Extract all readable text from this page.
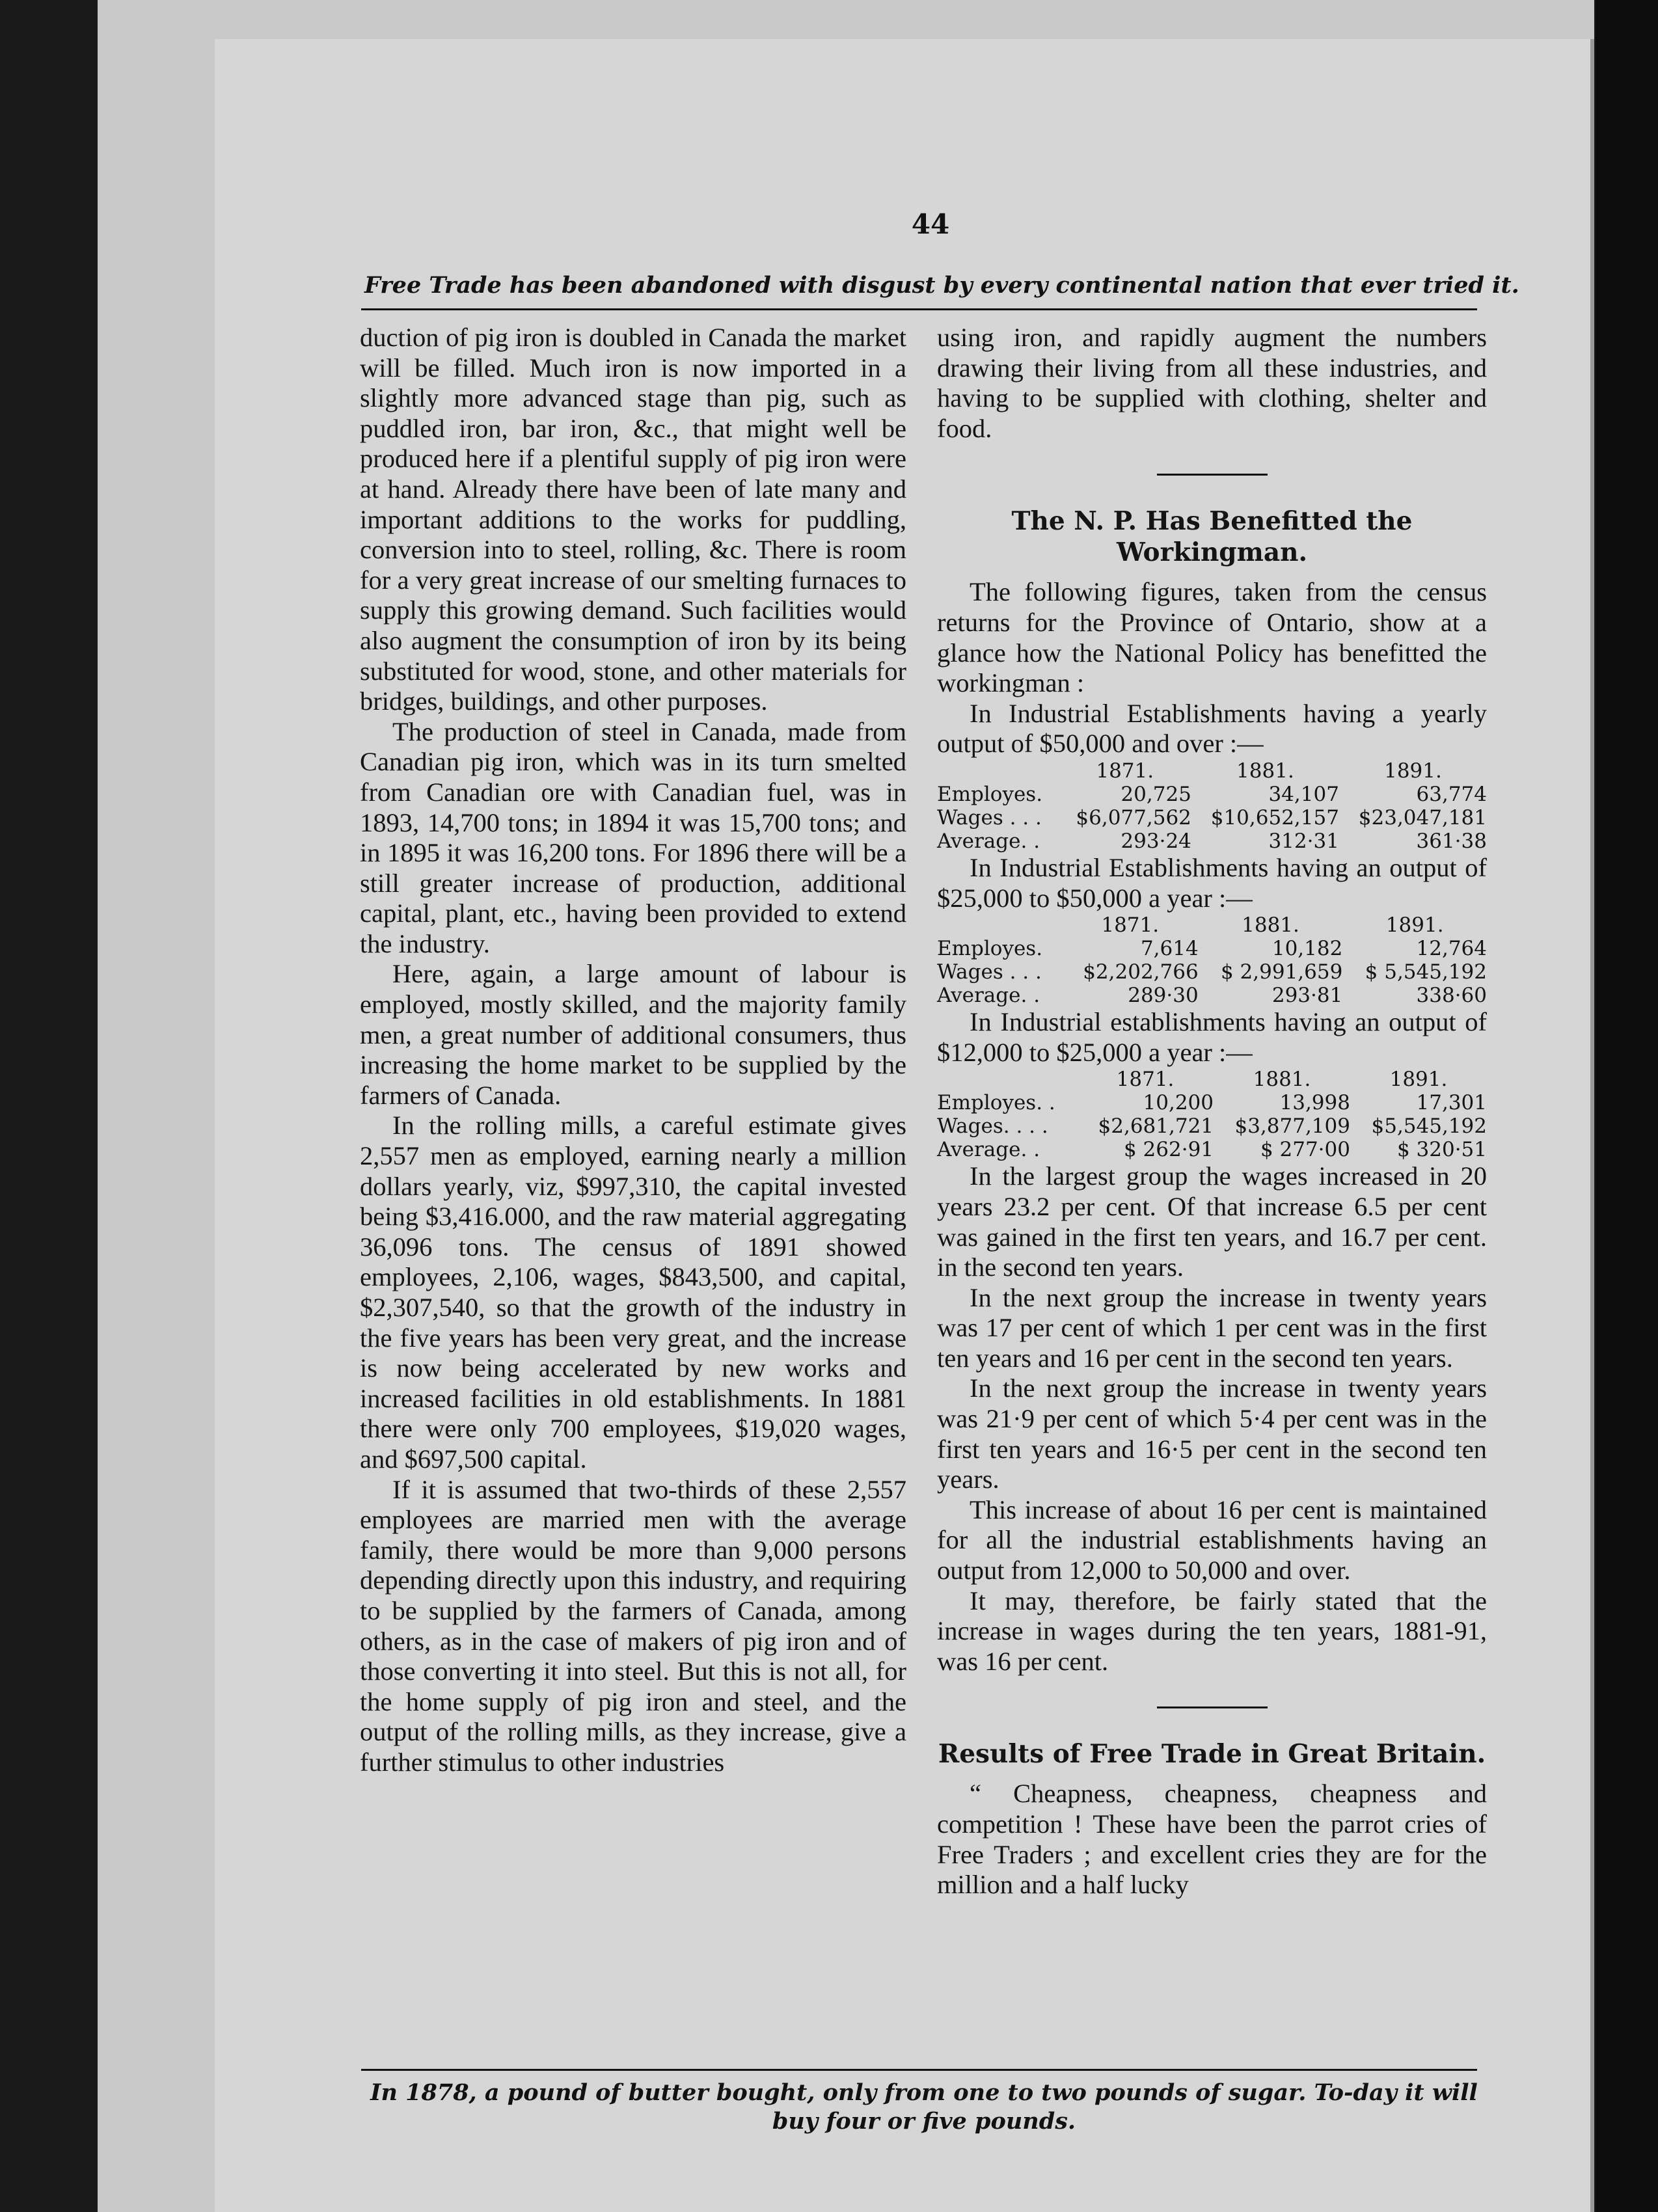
44
Free Trade has been abandoned with disgust by every continental nation that ever tried it.

duction of pig iron is doubled in Canada the market will be filled. Much iron is now imported in a slightly more advanced stage than pig, such as puddled iron, bar iron, &c., that might well be produced here if a plentiful supply of pig iron were at hand. Already there have been of late many and important additions to the works for puddling, conversion into to steel, rolling, &c. There is room for a very great increase of our smelting furnaces to supply this growing demand. Such facilities would also augment the consumption of iron by its being substituted for wood, stone, and other materials for bridges, buildings, and other purposes.

The production of steel in Canada, made from Canadian pig iron, which was in its turn smelted from Canadian ore with Canadian fuel, was in 1893, 14,700 tons; in 1894 it was 15,700 tons; and in 1895 it was 16,200 tons. For 1896 there will be a still greater increase of production, additional capital, plant, etc., having been provided to extend the industry.

Here, again, a large amount of labour is employed, mostly skilled, and the majority family men, a great number of additional consumers, thus increasing the home market to be supplied by the farmers of Canada.

In the rolling mills, a careful estimate gives 2,557 men as employed, earning nearly a million dollars yearly, viz, $997,310, the capital invested being $3,416.000, and the raw material aggregating 36,096 tons. The census of 1891 showed employees, 2,106, wages, $843,500, and capital, $2,307,540, so that the growth of the industry in the five years has been very great, and the increase is now being accelerated by new works and increased facilities in old establishments. In 1881 there were only 700 employees, $19,020 wages, and $697,500 capital.

If it is assumed that two-thirds of these 2,557 employees are married men with the average family, there would be more than 9,000 persons depending directly upon this industry, and requiring to be supplied by the farmers of Canada, among others, as in the case of makers of pig iron and of those converting it into steel. But this is not all, for the home supply of pig iron and steel, and the output of the rolling mills, as they increase, give a further stimulus to other industries

using iron, and rapidly augment the numbers drawing their living from all these industries, and having to be supplied with clothing, shelter and food.

The N. P. Has Benefitted the Workingman.

The following figures, taken from the census returns for the Province of Ontario, show at a glance how the National Policy has benefitted the workingman :

In Industrial Establishments having a yearly output of $50,000 and over :—

	1871.	1881.	1891.
Employes.	20,725	34,107	63,774
Wages . . .	$6,077,562	$10,652,157	$23,047,181
Average. .	293·24	312·31	361·38

In Industrial Establishments having an output of $25,000 to $50,000 a year :—

	1871.	1881.	1891.
Employes.	7,614	10,182	12,764
Wages . . .	$2,202,766	$ 2,991,659	$ 5,545,192
Average. .	289·30	293·81	338·60

In Industrial establishments having an output of $12,000 to $25,000 a year :—

	1871.	1881.	1891.
Employes. .	10,200	13,998	17,301
Wages. . . .	$2,681,721	$3,877,109	$5,545,192
Average. .	$ 262·91	$ 277·00	$ 320·51

In the largest group the wages increased in 20 years 23.2 per cent. Of that increase 6.5 per cent was gained in the first ten years, and 16.7 per cent. in the second ten years.

In the next group the increase in twenty years was 17 per cent of which 1 per cent was in the first ten years and 16 per cent in the second ten years.

In the next group the increase in twenty years was 21·9 per cent of which 5·4 per cent was in the first ten years and 16·5 per cent in the second ten years.

This increase of about 16 per cent is maintained for all the industrial establishments having an output from 12,000 to 50,000 and over.

It may, therefore, be fairly stated that the increase in wages during the ten years, 1881-91, was 16 per cent.

Results of Free Trade in Great Britain.

“ Cheapness, cheapness, cheapness and competition ! These have been the parrot cries of Free Traders ; and excellent cries they are for the million and a half lucky

In 1878, a pound of butter bought, only from one to two pounds of sugar. To-day it will buy four or five pounds.
